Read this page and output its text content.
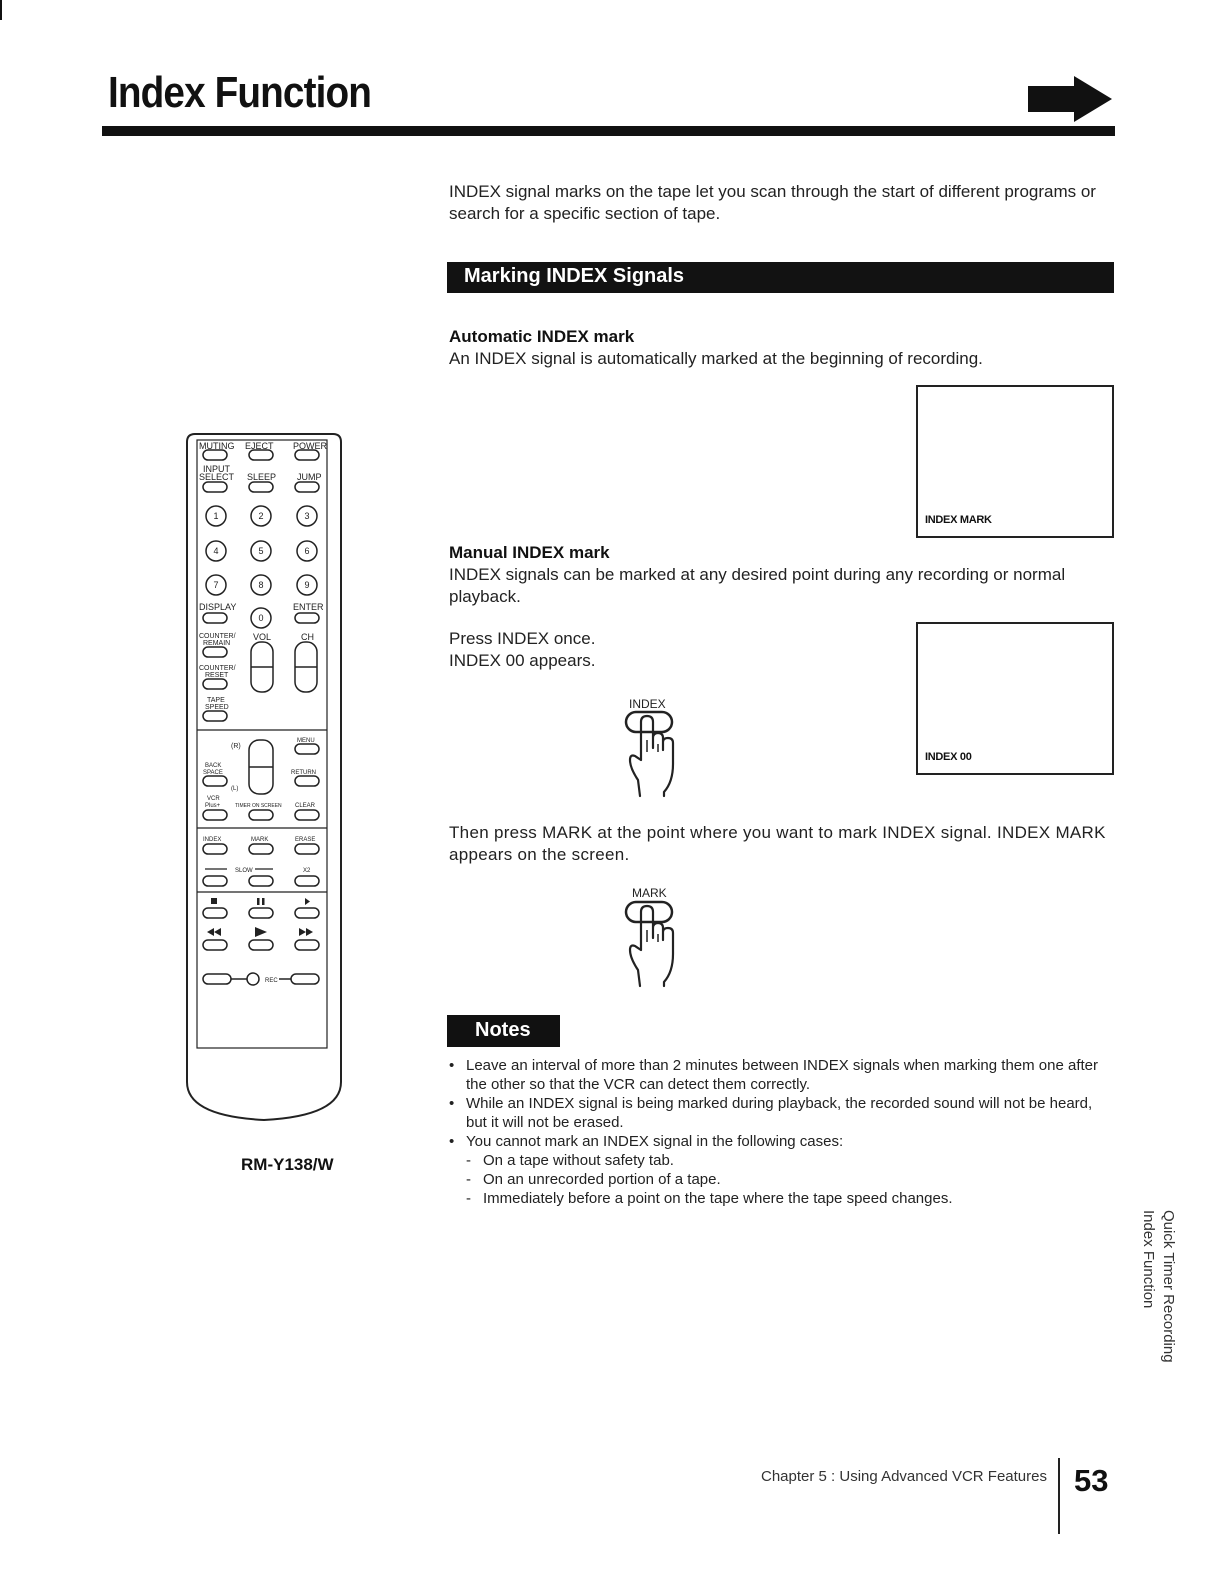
Index Function
INDEX signal marks on the tape let you scan through the start of different programs or search for a specific section of tape.
Marking INDEX Signals
Automatic INDEX mark
An INDEX signal is automatically marked at the beginning of recording.
INDEX MARK
Manual INDEX mark
INDEX signals can be marked at any desired point during any recording or normal playback.
Press INDEX once.
INDEX 00 appears.
INDEX 00
INDEX
Then press MARK at the point where you want to mark INDEX signal. INDEX MARK appears on the screen.
MARK
Notes
• Leave an interval of more than 2 minutes between INDEX signals when marking them one after the other so that the VCR can detect them correctly.
• While an INDEX signal is being marked during playback, the recorded sound will not be heard, but it will not be erased.
• You cannot mark an INDEX signal in the following cases:
- On a tape without safety tab.
- On an unrecorded portion of a tape.
- Immediately before a point on the tape where the tape speed changes.
MUTING EJECT POWER
INPUT
SELECT SLEEP JUMP
DISPLAY	ENTER
COUNTER/
REMAIN
VOL	CH
COUNTER/
RESET
TAPE
SPEED
MENU
(R)
BACK
SPACE	RETURN
(L)
VCR
Plus+	TIMER ON SCREEN CLEAR
INDEX	MARK	ERASE
SLOW	X2
REC
1	2	3
4	5	6
7	8	9
0
RM-Y138/W
Quick Timer Recording
Index Function
Chapter 5 : Using Advanced VCR Features 53
